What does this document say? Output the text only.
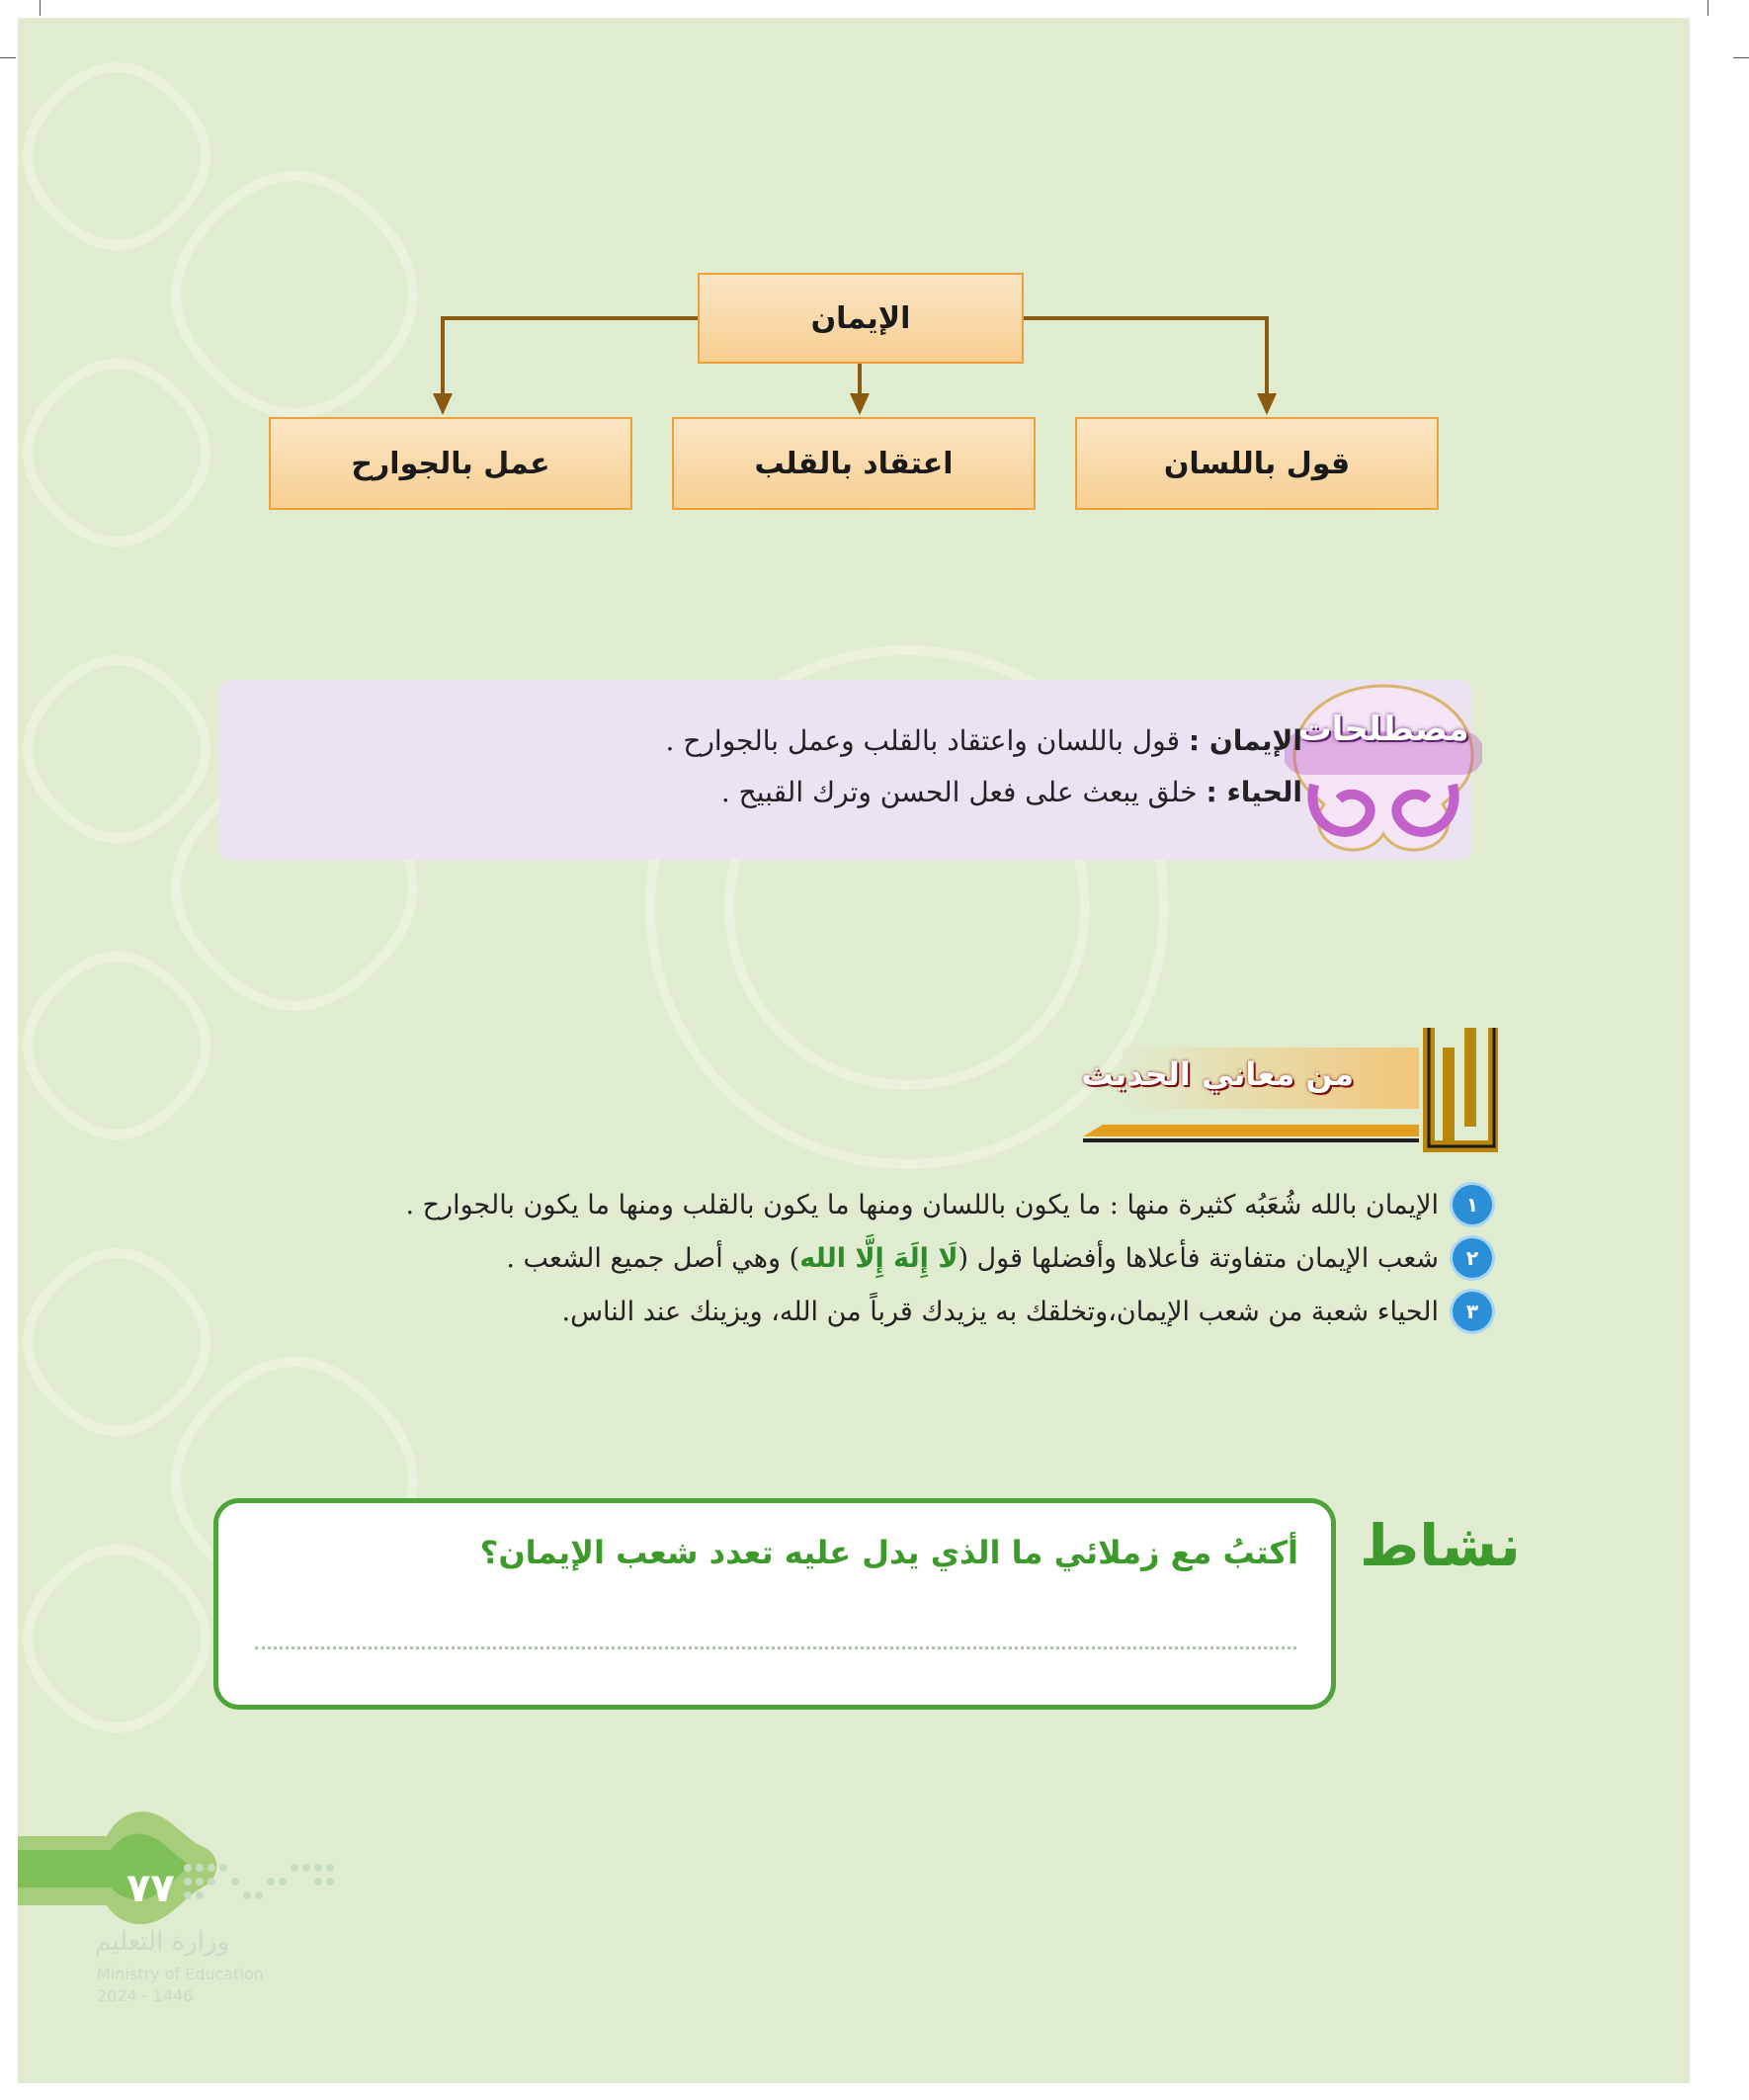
الإيمان
قول باللسان
اعتقاد بالقلب
عمل بالجوارح
مصطلحات
الإيمان : قول باللسان واعتقاد بالقلب وعمل بالجوارح .
الحياء : خلق يبعث على فعل الحسن وترك القبيح .
من معاني الحديث
١
الإيمان بالله شُعَبُه كثيرة منها : ما يكون باللسان ومنها ما يكون بالقلب ومنها ما يكون بالجوارح .
٢
شعب الإيمان متفاوتة فأعلاها وأفضلها قول (
لَا إِلَهَ إِلَّا الله
) وهي أصل جميع الشعب .
٣
الحياء شعبة من شعب الإيمان،وتخلقك به يزيدك قرباً من الله، ويزينك عند الناس.
نشاط
أكتبُ مع زملائي ما الذي يدل عليه تعدد شعب الإيمان؟
٧٧
وزارة التعليم
Ministry of Education
2024 - 1446
